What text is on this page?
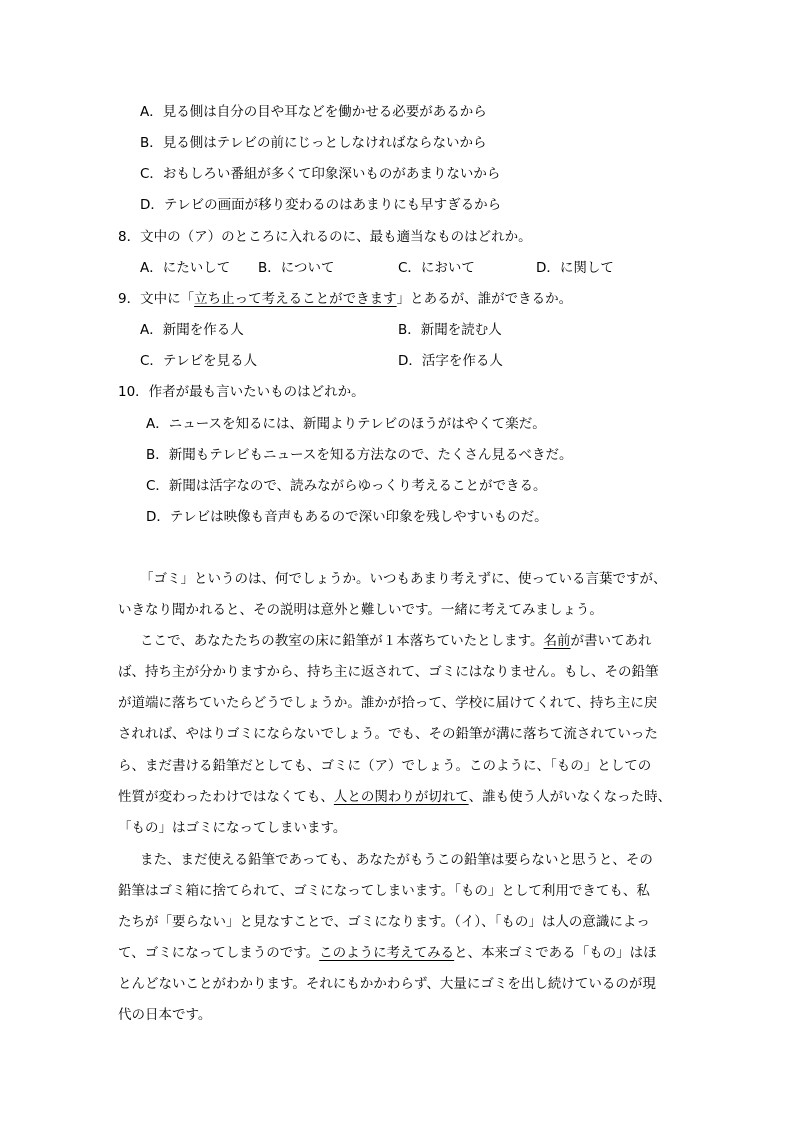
A．見る側は自分の目や耳などを働かせる必要があるから
B．見る側はテレビの前にじっとしなければならないから
C．おもしろい番組が多くて印象深いものがあまりないから
D．テレビの画面が移り変わるのはあまりにも早すぎるから
8．文中の（ア）のところに入れるのに、最も適当なものはどれか。
A．にたいして B．について	C．において	D．に関して
9．文中に「立ち止って考えることができます」とあるが、誰ができるか。
A．新聞を作る人	B．新聞を読む人
C．テレビを見る人	D．活字を作る人
10．作者が最も言いたいものはどれか。
A．ニュースを知るには、新聞よりテレビのほうがはやくて楽だ。
B．新聞もテレビもニュースを知る方法なので、たくさん見るべきだ。
C．新聞は活字なので、読みながらゆっくり考えることができる。
D．テレビは映像も音声もあるので深い印象を残しやすいものだ。
「ゴミ」というのは、何でしょうか。いつもあまり考えずに、使っている言葉ですが、
いきなり聞かれると、その説明は意外と難しいです。一緒に考えてみましょう。
ここで、あなたたちの教室の床に鉛筆が１本落ちていたとします。名前が書いてあれ
ば、持ち主が分かりますから、持ち主に返されて、ゴミにはなりません。もし、その鉛筆
が道端に落ちていたらどうでしょうか。誰かが拾って、学校に届けてくれて、持ち主に戻
されれば、やはりゴミにならないでしょう。でも、その鉛筆が溝に落ちて流されていった
ら、まだ書ける鉛筆だとしても、ゴミに（ア）でしょう。このように、「もの」としての
性質が変わったわけではなくても、人との関わりが切れて、誰も使う人がいなくなった時、
「もの」はゴミになってしまいます。
また、まだ使える鉛筆であっても、あなたがもうこの鉛筆は要らないと思うと、その
鉛筆はゴミ箱に捨てられて、ゴミになってしまいます。「もの」として利用できても、私
たちが「要らない」と見なすことで、ゴミになります。（イ）、「もの」は人の意識によっ
て、ゴミになってしまうのです。このように考えてみると、本来ゴミである「もの」はほ
とんどないことがわかります。それにもかかわらず、大量にゴミを出し続けているのが現
代の日本です。
